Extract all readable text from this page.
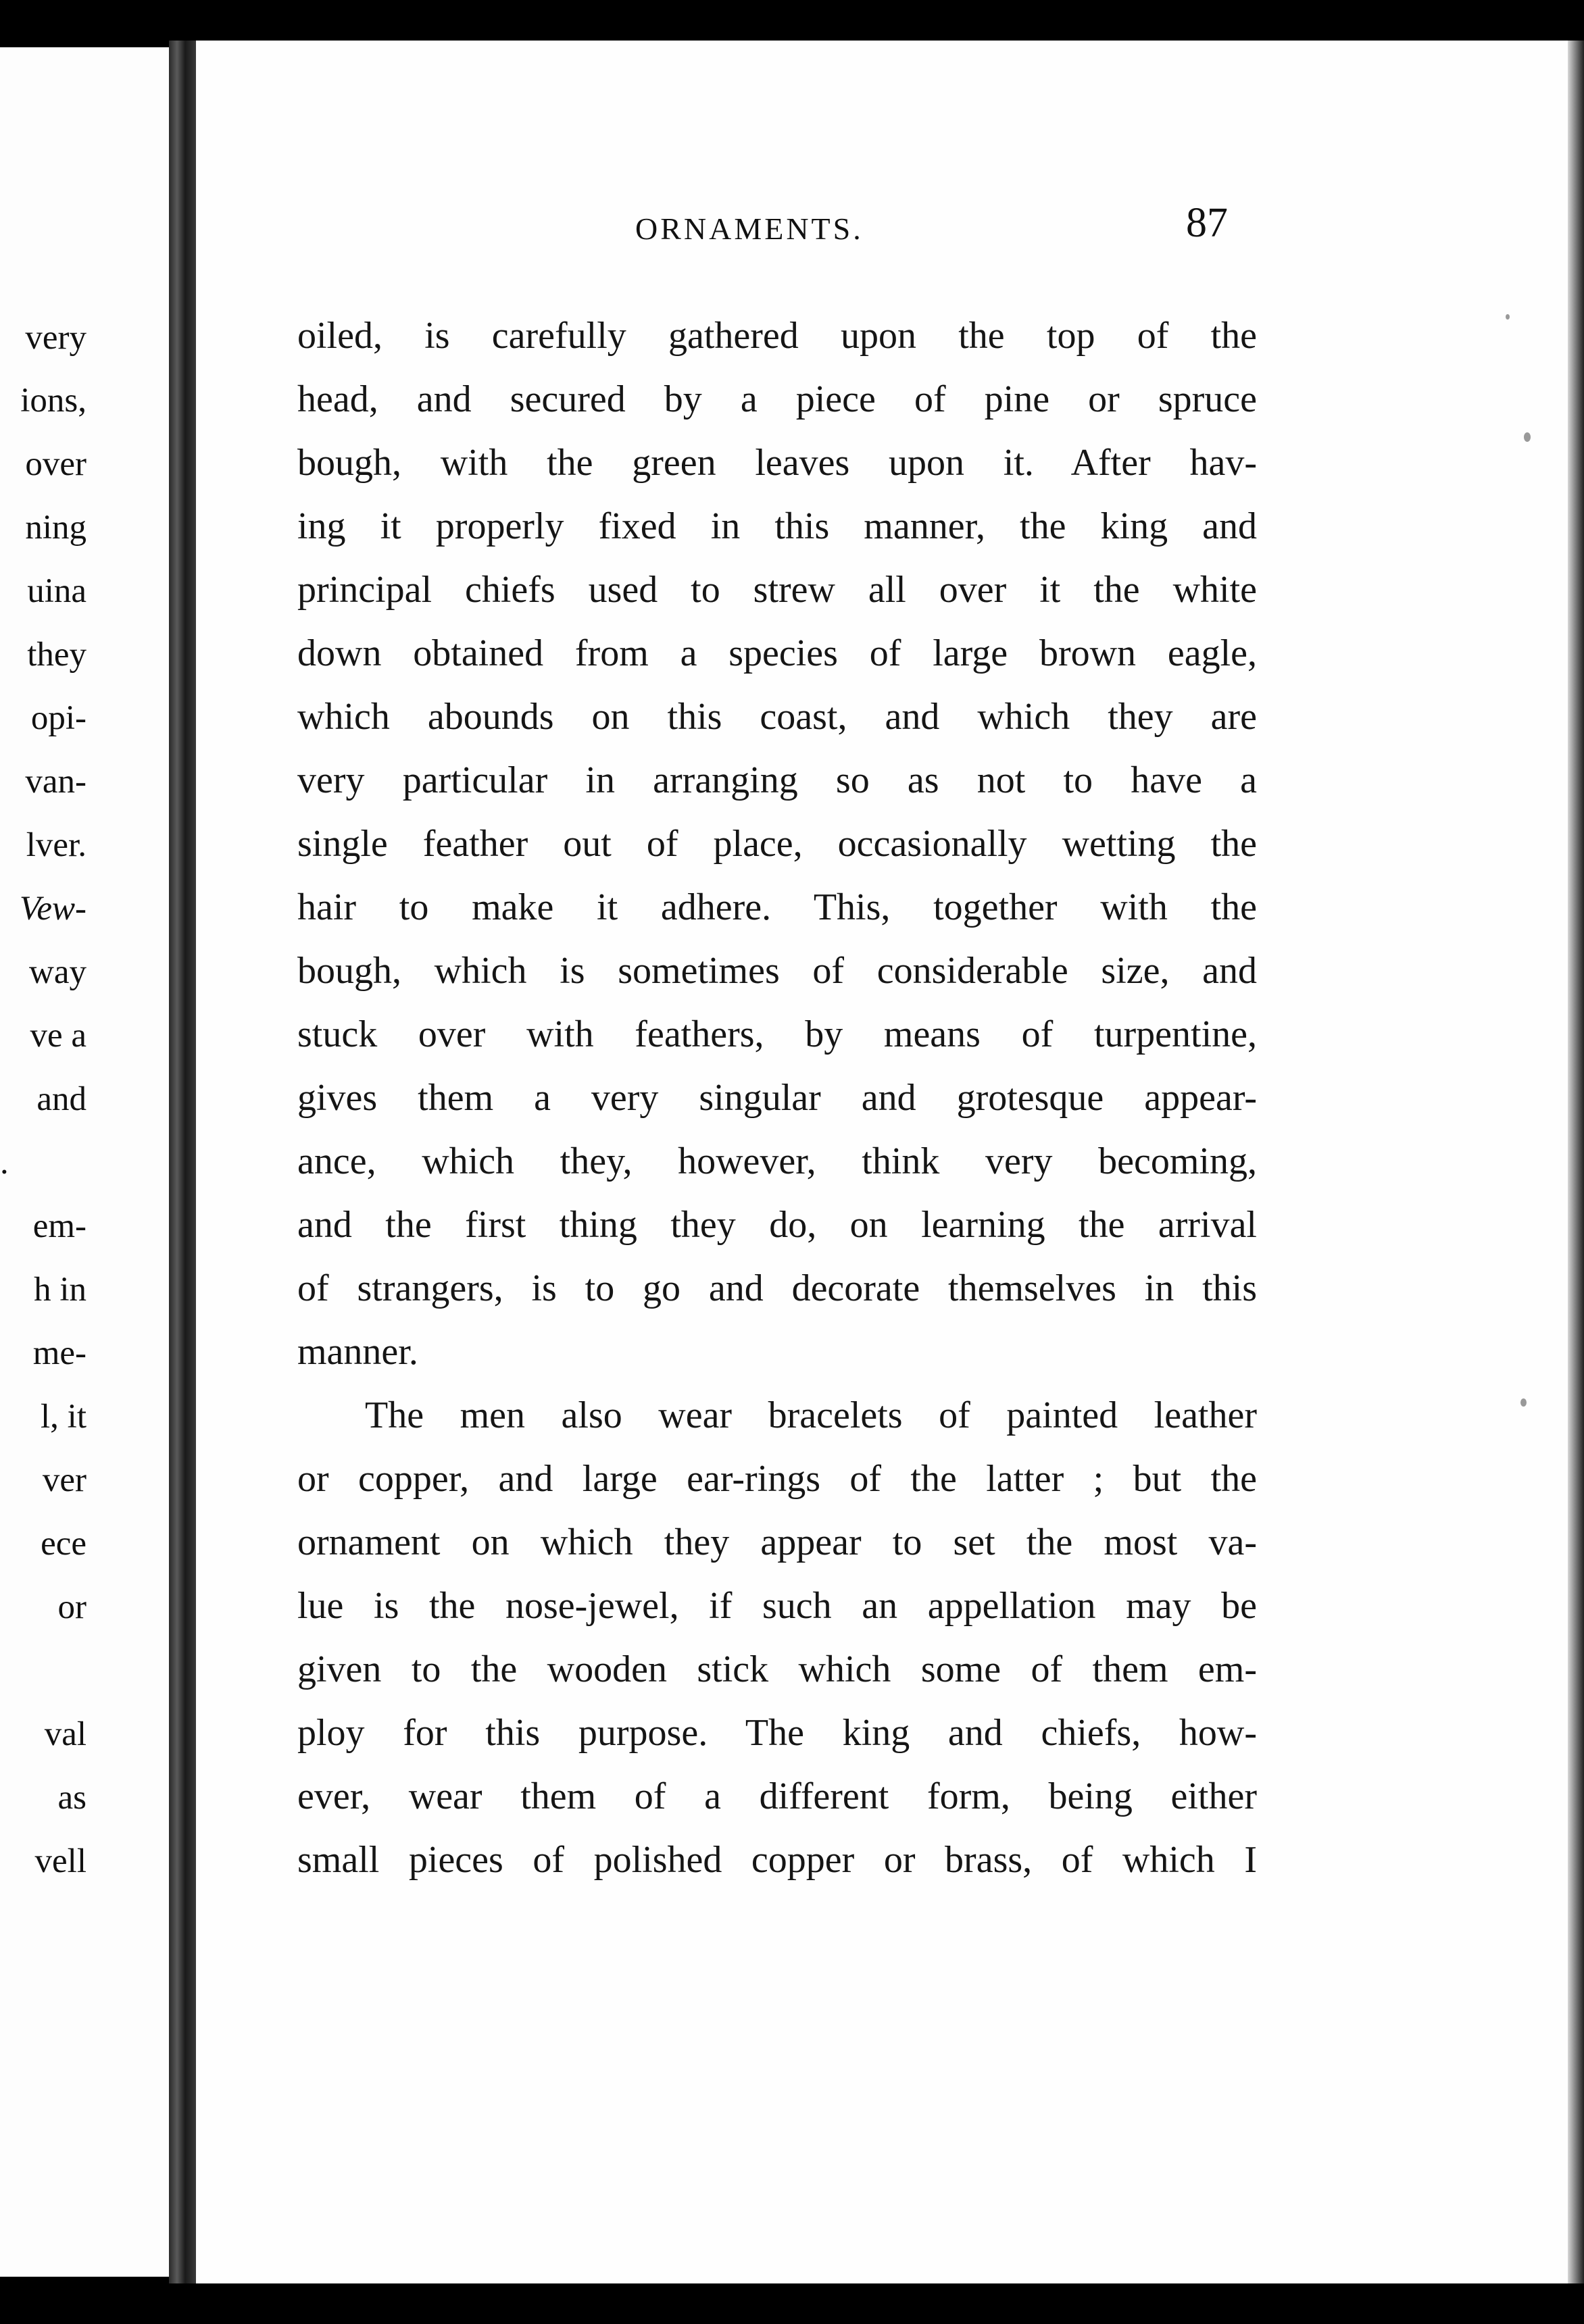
very
ions,
over
ning
uina
they
opi-
van-
lver.
Vew-
way
ve a
and
.
em-
h in
me-
l, it
ver
ece
or
val
as
vell
ORNAMENTS.	87
oiled, is carefully gathered upon the top of the
head, and secured by a piece of pine or spruce
bough, with the green leaves upon it. After hav-
ing it properly fixed in this manner, the king and
principal chiefs used to strew all over it the white
down obtained from a species of large brown eagle,
which abounds on this coast, and which they are
very particular in arranging so as not to have a
single feather out of place, occasionally wetting the
hair to make it adhere. This, together with the
bough, which is sometimes of considerable size, and
stuck over with feathers, by means of turpentine,
gives them a very singular and grotesque appear-
ance, which they, however, think very becoming,
and the first thing they do, on learning the arrival
of strangers, is to go and decorate themselves in this
manner.
The men also wear bracelets of painted leather
or copper, and large ear-rings of the latter ; but the
ornament on which they appear to set the most va-
lue is the nose-jewel, if such an appellation may be
given to the wooden stick which some of them em-
ploy for this purpose. The king and chiefs, how-
ever, wear them of a different form, being either
small pieces of polished copper or brass, of which I
